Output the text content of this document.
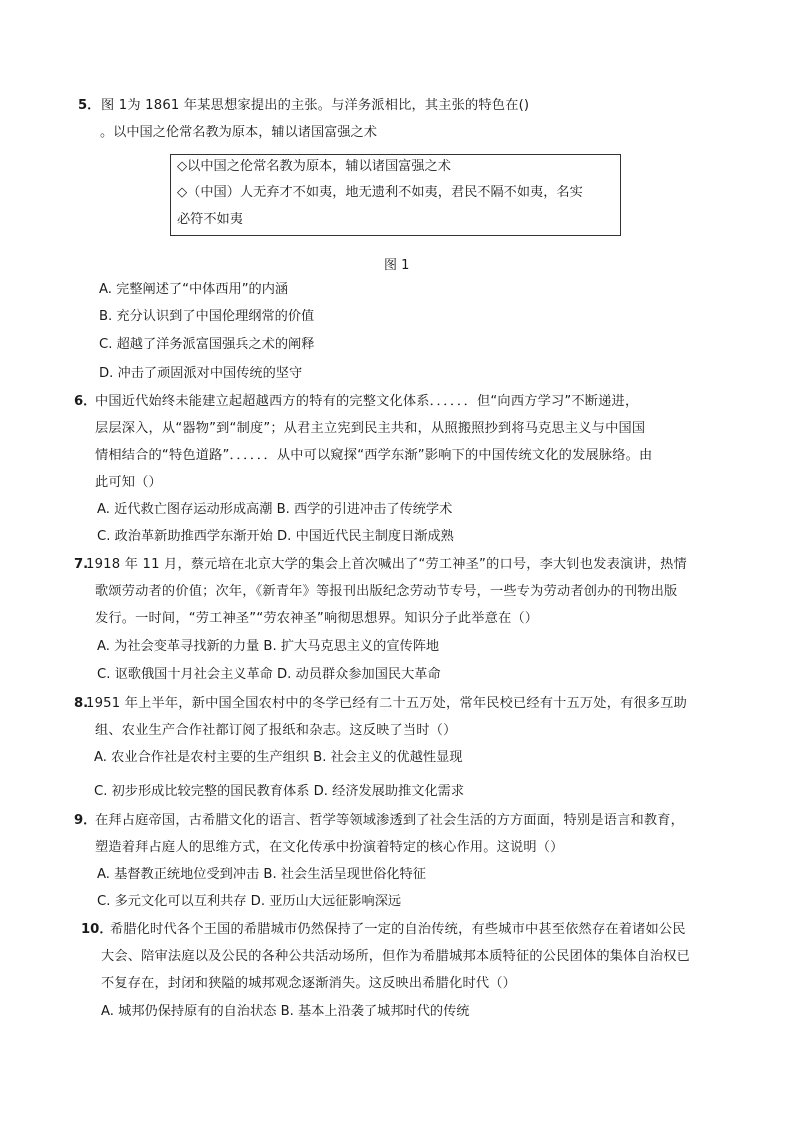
5． 图 1为 1861 年某思想家提出的主张。与洋务派相比，其主张的特色在()
。以中国之伦常名教为原本，辅以诸国富强之术
◇以中国之伦常名教为原本，辅以诸国富强之术
◇（中国）人无弃才不如夷，地无遗利不如夷，君民不隔不如夷，名实
必符不如夷
图 1
A. 完整阐述了“中体西用”的内涵
B. 充分认识到了中国伦理纲常的价值
C. 超越了洋务派富国强兵之术的阐释
D. 冲击了顽固派对中国传统的坚守
6．
中国近代始终未能建立起超越西方的特有的完整文化体系．．．．．．但“向西方学习”不断递进，
层层深入，从“器物”到“制度”；从君主立宪到民主共和，从照搬照抄到将马克思主义与中国国
情相结合的“特色道路”．．．．．．从中可以窥探“西学东渐”影响下的中国传统文化的发展脉络。由
此可知（）
A. 近代救亡图存运动形成高潮 B. 西学的引进冲击了传统学术
C. 政治革新助推西学东渐开始 D. 中国近代民主制度日渐成熟
7.
1918 年 11 月，蔡元培在北京大学的集会上首次喊出了“劳工神圣”的口号，李大钊也发表演讲，热情
歌颂劳动者的价值；次年，《新青年》等报刊出版纪念劳动节专号，一些专为劳动者创办的刊物出版
发行。一时间，“劳工神圣”“劳农神圣”响彻思想界。知识分子此举意在（）
A. 为社会变革寻找新的力量 B. 扩大马克思主义的宣传阵地
C. 讴歌俄国十月社会主义革命 D. 动员群众参加国民大革命
8.
1951 年上半年，新中国全国农村中的冬学已经有二十五万处，常年民校已经有十五万处，有很多互助
组、农业生产合作社都订阅了报纸和杂志。这反映了当时（）
A. 农业合作社是农村主要的生产组织 B. 社会主义的优越性显现
C. 初步形成比较完整的国民教育体系 D. 经济发展助推文化需求
9．
在拜占庭帝国，古希腊文化的语言、哲学等领域渗透到了社会生活的方方面面，特别是语言和教育，
塑造着拜占庭人的思维方式，在文化传承中扮演着特定的核心作用。这说明（）
A. 基督教正统地位受到冲击 B. 社会生活呈现世俗化特征
C. 多元文化可以互利共存 D. 亚历山大远征影响深远
10．
希腊化时代各个王国的希腊城市仍然保持了一定的自治传统，有些城市中甚至依然存在着诸如公民
大会、陪审法庭以及公民的各种公共活动场所，但作为希腊城邦本质特征的公民团体的集体自治权已
不复存在，封闭和狭隘的城邦观念逐渐消失。这反映出希腊化时代（）
A. 城邦仍保持原有的自治状态 B. 基本上沿袭了城邦时代的传统
